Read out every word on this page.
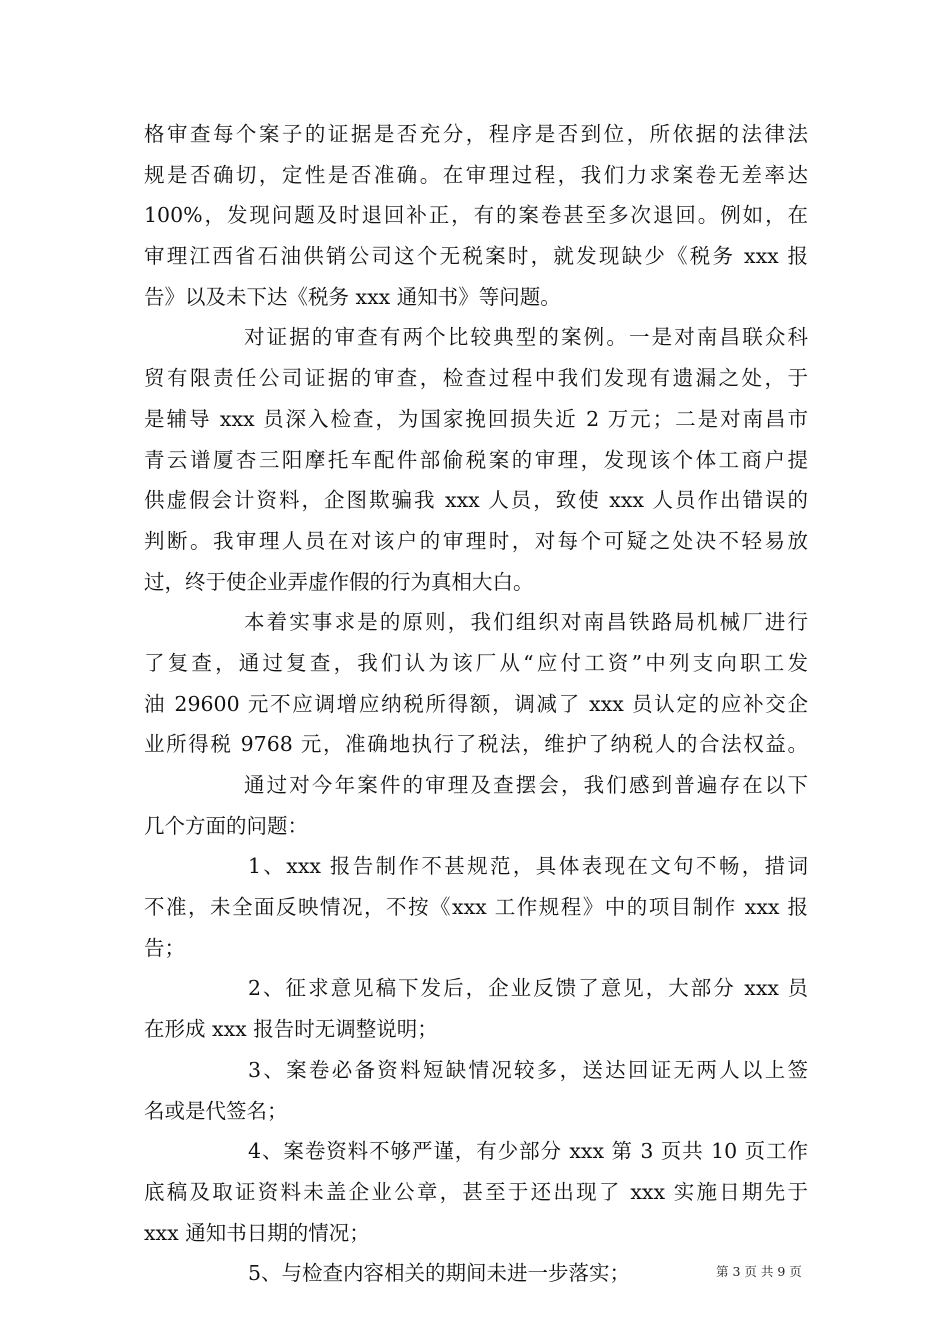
格审查每个案子的证据是否充分，程序是否到位，所依据的法律法
规是否确切，定性是否准确。在审理过程，我们力求案卷无差率达
100%，发现问题及时退回补正，有的案卷甚至多次退回。例如，在
审理江西省石油供销公司这个无税案时，就发现缺少《税务 xxx 报
告》以及未下达《税务 xxx 通知书》等问题。
对证据的审查有两个比较典型的案例。一是对南昌联众科
贸有限责任公司证据的审查，检查过程中我们发现有遗漏之处，于
是辅导 xxx 员深入检查，为国家挽回损失近 2 万元；二是对南昌市
青云谱厦杏三阳摩托车配件部偷税案的审理，发现该个体工商户提
供虚假会计资料，企图欺骗我 xxx 人员，致使 xxx 人员作出错误的
判断。我审理人员在对该户的审理时，对每个可疑之处决不轻易放
过，终于使企业弄虚作假的行为真相大白。
本着实事求是的原则，我们组织对南昌铁路局机械厂进行
了复查，通过复查，我们认为该厂从“应付工资”中列支向职工发
油 29600 元不应调增应纳税所得额，调减了 xxx 员认定的应补交企
业所得税 9768 元，准确地执行了税法，维护了纳税人的合法权益。
通过对今年案件的审理及查摆会，我们感到普遍存在以下
几个方面的问题：
1、xxx 报告制作不甚规范，具体表现在文句不畅，措词
不准，未全面反映情况，不按《xxx 工作规程》中的项目制作 xxx 报
告；
2、征求意见稿下发后，企业反馈了意见，大部分 xxx 员
在形成 xxx 报告时无调整说明；
3、案卷必备资料短缺情况较多，送达回证无两人以上签
名或是代签名；
4、案卷资料不够严谨，有少部分 xxx 第 3 页共 10 页工作
底稿及取证资料未盖企业公章，甚至于还出现了 xxx 实施日期先于
xxx 通知书日期的情况；
5、与检查内容相关的期间未进一步落实；	第 3 页 共 9 页
